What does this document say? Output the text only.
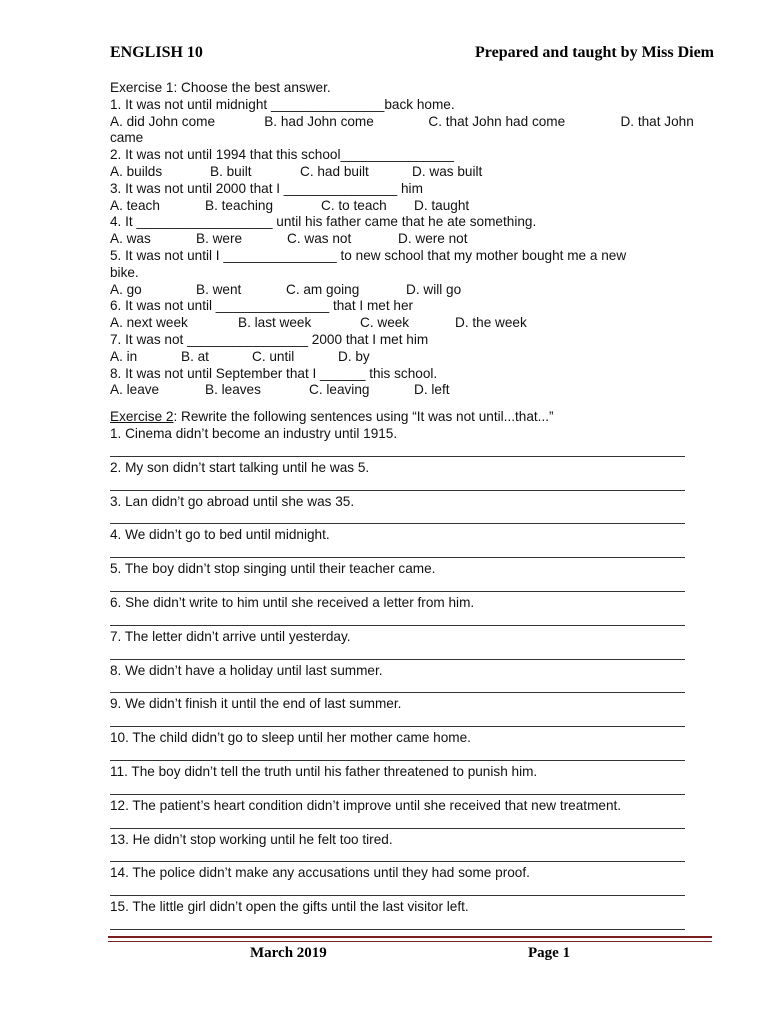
ENGLISH 10	Prepared and taught by Miss Diem
Exercise 1: Choose the best answer.
1. It was not until midnight _______________back home.
A. did John come	B. had John come	C. that John had come	D. that John
came
2. It was not until 1994 that this school_______________
A. builds	B. built	C. had built	D. was built
3. It was not until 2000 that I _______________ him
A. teach	B. teaching	C. to teach	D. taught
4. It __________________ until his father came that he ate something.
A. was	B. were	C. was not	D. were not
5. It was not until I _______________ to new school that my mother bought me a new
bike.
A. go	B. went	C. am going	D. will go
6. It was not until _______________ that I met her
A. next week	B. last week	C. week	D. the week
7. It was not ________________ 2000 that I met him
A. in	B. at	C. until	D. by
8. It was not until September that I ______ this school.
A. leave	B. leaves	C. leaving	D. left
Exercise 2: Rewrite the following sentences using “It was not until...that...”
1. Cinema didn’t become an industry until 1915.
2. My son didn’t start talking until he was 5.
3. Lan didn’t go abroad until she was 35.
4. We didn’t go to bed until midnight.
5. The boy didn’t stop singing until their teacher came.
6. She didn’t write to him until she received a letter from him.
7. The letter didn’t arrive until yesterday.
8. We didn’t have a holiday until last summer.
9. We didn’t finish it until the end of last summer.
10. The child didn’t go to sleep until her mother came home.
11. The boy didn’t tell the truth until his father threatened to punish him.
12. The patient’s heart condition didn’t improve until she received that new treatment.
13. He didn’t stop working until he felt too tired.
14. The police didn’t make any accusations until they had some proof.
15. The little girl didn’t open the gifts until the last visitor left.
March 2019	Page 1
